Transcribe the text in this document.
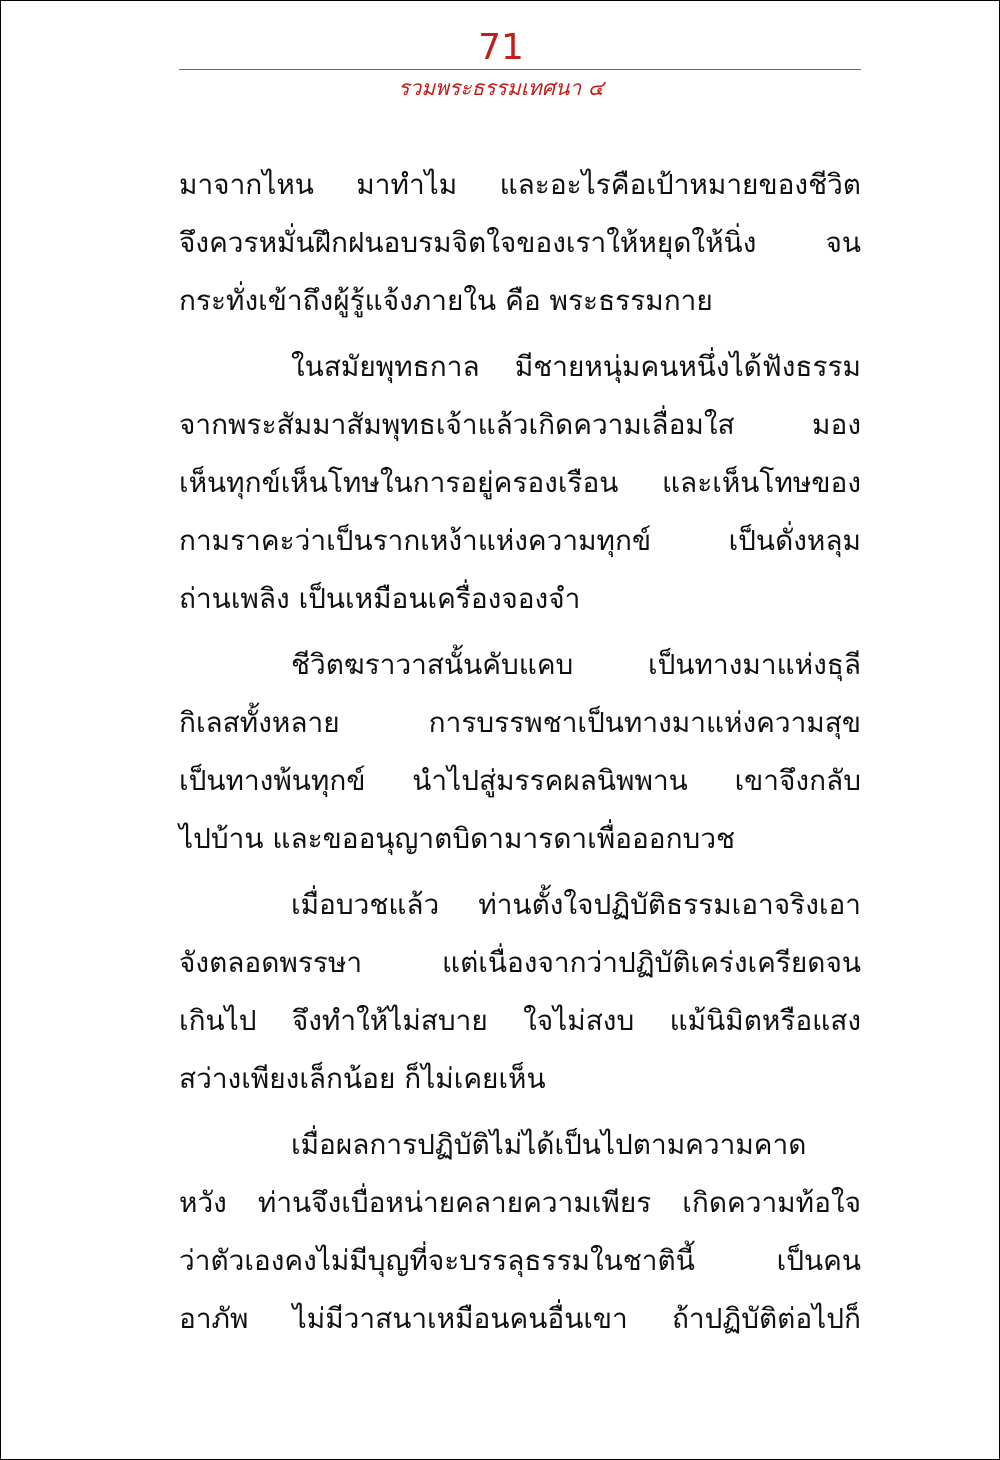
71
รวมพระธรรมเทศนา ๔
มาจากไหน มาทำไม และอะไรคือเป้าหมายของชีวิต
จึงควรหมั่นฝึกฝนอบรมจิตใจของเราให้หยุดให้นิ่ง จน
กระทั่งเข้าถึงผู้รู้แจ้งภายใน คือ พระธรรมกาย
ในสมัยพุทธกาล มีชายหนุ่มคนหนึ่งได้ฟังธรรม
จากพระสัมมาสัมพุทธเจ้าแล้วเกิดความเลื่อมใส มอง
เห็นทุกข์เห็นโทษในการอยู่ครองเรือน และเห็นโทษของ
กามราคะว่าเป็นรากเหง้าแห่งความทุกข์ เป็นดั่งหลุม
ถ่านเพลิง เป็นเหมือนเครื่องจองจำ
ชีวิตฆราวาสนั้นคับแคบ เป็นทางมาแห่งธุลี
กิเลสทั้งหลาย การบรรพชาเป็นทางมาแห่งความสุข
เป็นทางพ้นทุกข์ นำไปสู่มรรคผลนิพพาน เขาจึงกลับ
ไปบ้าน และขออนุญาตบิดามารดาเพื่อออกบวช
เมื่อบวชแล้ว ท่านตั้งใจปฏิบัติธรรมเอาจริงเอา
จังตลอดพรรษา แต่เนื่องจากว่าปฏิบัติเคร่งเครียดจน
เกินไป จึงทำให้ไม่สบาย ใจไม่สงบ แม้นิมิตหรือแสง
สว่างเพียงเล็กน้อย ก็ไม่เคยเห็น
เมื่อผลการปฏิบัติไม่ได้เป็นไปตามความคาด
หวัง ท่านจึงเบื่อหน่ายคลายความเพียร เกิดความท้อใจ
ว่าตัวเองคงไม่มีบุญที่จะบรรลุธรรมในชาตินี้ เป็นคน
อาภัพ ไม่มีวาสนาเหมือนคนอื่นเขา ถ้าปฏิบัติต่อไปก็
